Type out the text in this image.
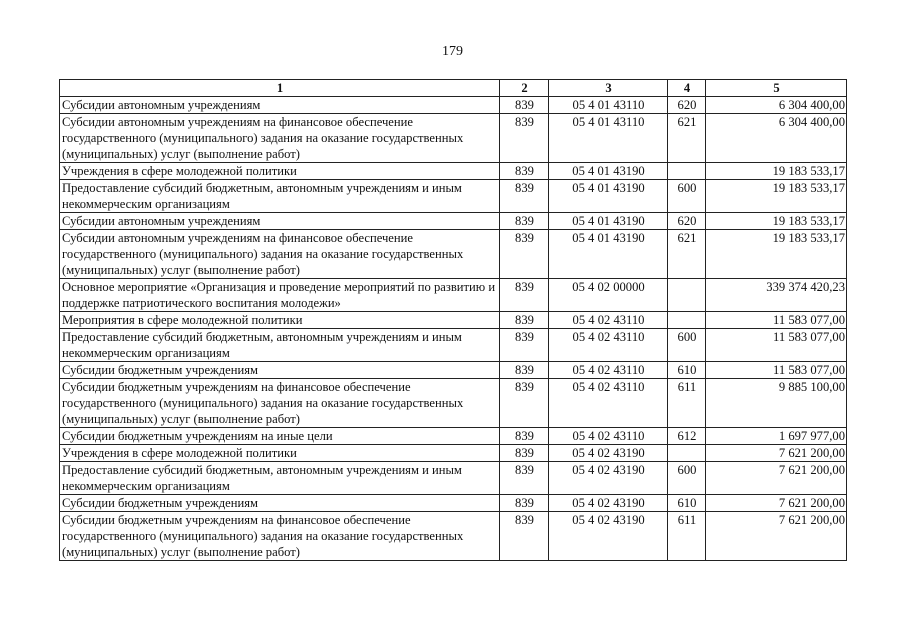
179
1	2	3	4	5
Субсидии автономным учреждениям	839	05 4 01 43110	620	6 304 400,00
Субсидии автономным учреждениям на финансовое обеспечение государственного (муниципального) задания на оказание государственных (муниципальных) услуг (выполнение работ)	839	05 4 01 43110	621	6 304 400,00
Учреждения в сфере молодежной политики	839	05 4 01 43190		19 183 533,17
Предоставление субсидий бюджетным, автономным учреждениям и иным некоммерческим организациям	839	05 4 01 43190	600	19 183 533,17
Субсидии автономным учреждениям	839	05 4 01 43190	620	19 183 533,17
Субсидии автономным учреждениям на финансовое обеспечение государственного (муниципального) задания на оказание государственных (муниципальных) услуг (выполнение работ)	839	05 4 01 43190	621	19 183 533,17
Основное мероприятие «Организация и проведение мероприятий по развитию и поддержке патриотического воспитания молодежи»	839	05 4 02 00000		339 374 420,23
Мероприятия в сфере молодежной политики	839	05 4 02 43110		11 583 077,00
Предоставление субсидий бюджетным, автономным учреждениям и иным некоммерческим организациям	839	05 4 02 43110	600	11 583 077,00
Субсидии бюджетным учреждениям	839	05 4 02 43110	610	11 583 077,00
Субсидии бюджетным учреждениям на финансовое обеспечение государственного (муниципального) задания на оказание государственных (муниципальных) услуг (выполнение работ)	839	05 4 02 43110	611	9 885 100,00
Субсидии бюджетным учреждениям на иные цели	839	05 4 02 43110	612	1 697 977,00
Учреждения в сфере молодежной политики	839	05 4 02 43190		7 621 200,00
Предоставление субсидий бюджетным, автономным учреждениям и иным некоммерческим организациям	839	05 4 02 43190	600	7 621 200,00
Субсидии бюджетным учреждениям	839	05 4 02 43190	610	7 621 200,00
Субсидии бюджетным учреждениям на финансовое обеспечение государственного (муниципального) задания на оказание государственных (муниципальных) услуг (выполнение работ)	839	05 4 02 43190	611	7 621 200,00
